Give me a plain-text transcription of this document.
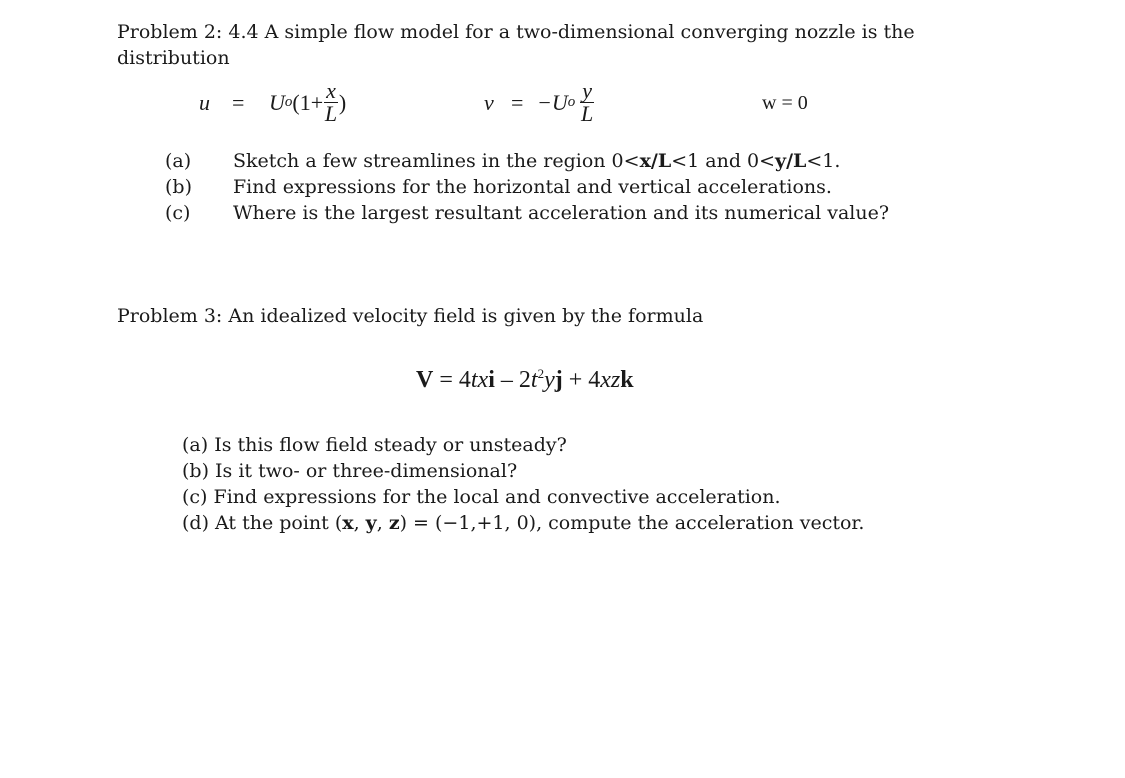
Problem 2: 4.4 A simple flow model for a two-dimensional converging nozzle is the
distribution
u = U o ($1+ \frac{x}{L}$ )	v = −U o $\frac{y}{L}$	w = 0
(a) Sketch a few streamlines in the region 0<x/L<1 and 0<y/L<1.
(b) Find expressions for the horizontal and vertical accelerations.
(c) Where is the largest resultant acceleration and its numerical value?
Problem 3: An idealized velocity field is given by the formula
$V = 4txi - 2t^2yj + 4xzk$
(a) Is this flow field steady or unsteady?
(b) Is it two- or three-dimensional?
(c) Find expressions for the local and convective acceleration.
(d) At the point (x, y, z) = (−1,+1, 0), compute the acceleration vector.
